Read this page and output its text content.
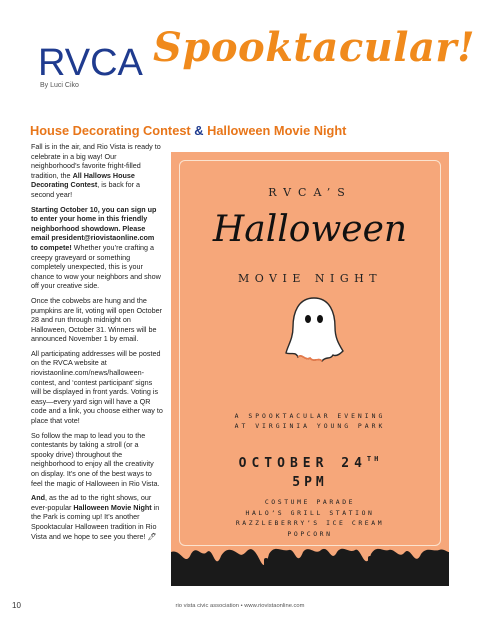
RVCA Spooktacular!
By Luci Ciko
House Decorating Contest & Halloween Movie Night

Fall is in the air, and Rio Vista is ready to celebrate in a big way! Our neighborhood’s favorite fright-filled tradition, the All Hallows House Decorating Contest, is back for a second year!

Starting October 10, you can sign up to enter your home in this friendly neighborhood showdown. Please email president@riovistaonline.com to compete! Whether you’re crafting a creepy graveyard or something completely unexpected, this is your chance to wow your neighbors and show off your creative side.

Once the cobwebs are hung and the pumpkins are lit, voting will open October 28 and run through midnight on Halloween, October 31. Winners will be announced November 1 by email.

All participating addresses will be posted on the RVCA website at riovistaonline.com/news/halloween-contest, and ‘contest participant’ signs will be displayed in front yards. Voting is easy—every yard sign will have a QR code and a link, you choose either way to place that vote!

So follow the map to lead you to the contestants by taking a stroll (or a spooky drive) throughout the neighborhood to enjoy all the creativity on display. It’s one of the best ways to feel the magic of Halloween in Rio Vista.

And, as the ad to the right shows, our ever-popular Halloween Movie Night in the Park is coming up! It’s another Spooktacular Halloween tradition in Rio Vista and we hope to see you there! 🖊

RVCA’S
Halloween
MOVIE NIGHT
A SPOOKTACULAR EVENING AT VIRGINIA YOUNG PARK
OCTOBER 24TH
5PM
COSTUME PARADE
HALO’S GRILL STATION
RAZZLEBERRY’S ICE CREAM
POPCORN
10	rio vista civic association • www.riovistaonline.com
